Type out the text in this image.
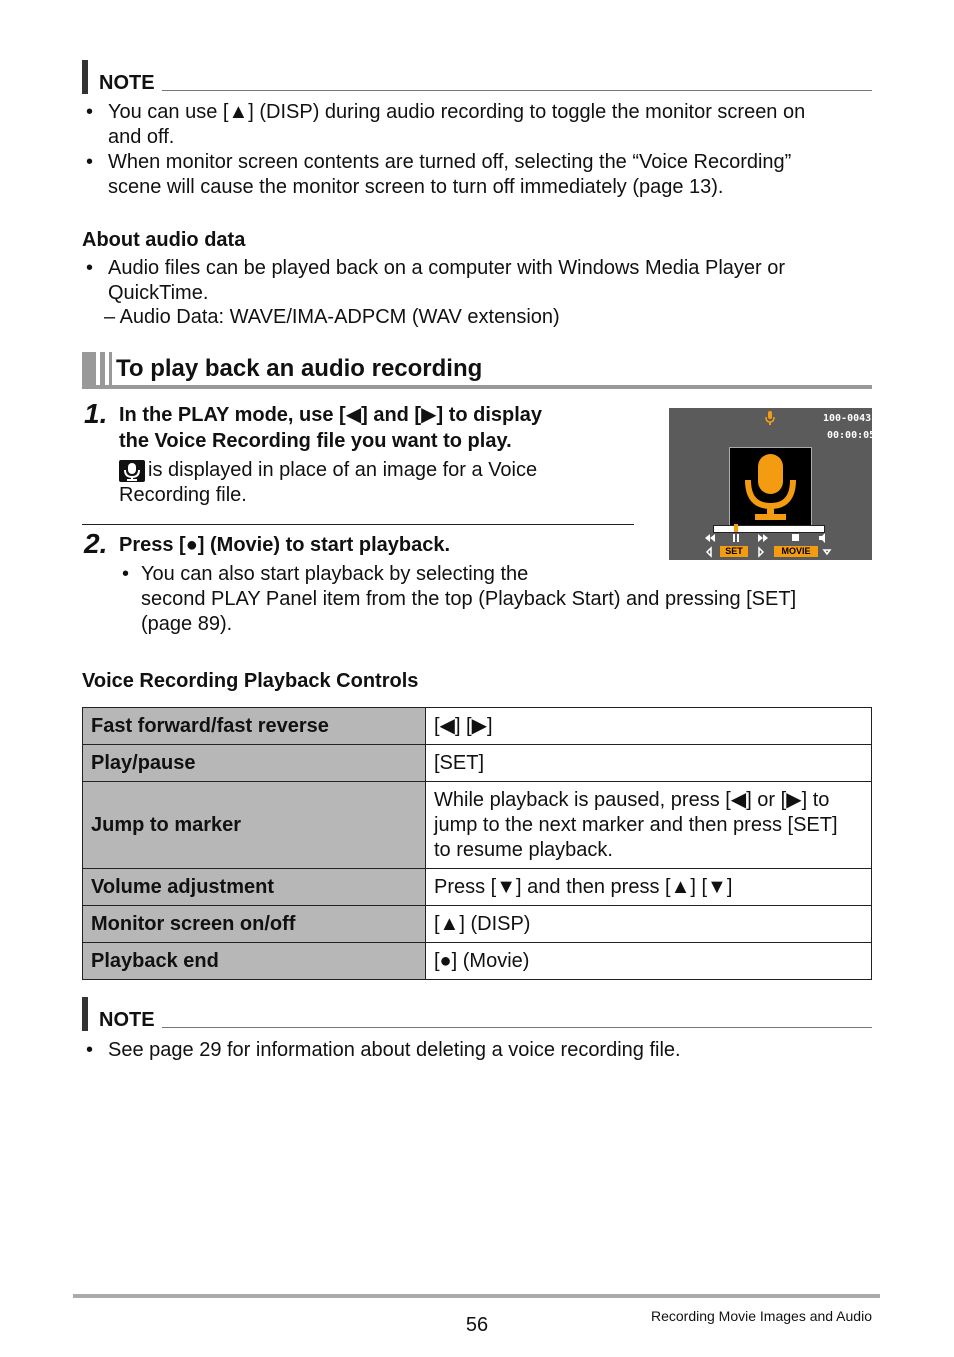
NOTE
• You can use [▲] (DISP) during audio recording to toggle the monitor screen on
and off.
• When monitor screen contents are turned off, selecting the “Voice Recording”
scene will cause the monitor screen to turn off immediately (page 13).
About audio data
• Audio files can be played back on a computer with Windows Media Player or
QuickTime.
– Audio Data: WAVE/IMA-ADPCM (WAV extension)
To play back an audio recording
1. In the PLAY mode, use [◀] and [▶] to display
the Voice Recording file you want to play.
is displayed in place of an image for a Voice
Recording file.
100-0043
00:00:05
SET	MOVIE
2. Press [●] (Movie) to start playback.
• You can also start playback by selecting the
second PLAY Panel item from the top (Playback Start) and pressing [SET]
(page 89).
Voice Recording Playback Controls
Fast forward/fast reverse	[◀] [▶]
Play/pause	[SET]
Jump to marker	While playback is paused, press [◀] or [▶] to
jump to the next marker and then press [SET]
to resume playback.

Volume adjustment	Press [▼] and then press [▲] [▼]
Monitor screen on/off	[▲] (DISP)
Playback end	[●] (Movie)
NOTE
• See page 29 for information about deleting a voice recording file.
56	Recording Movie Images and Audio
